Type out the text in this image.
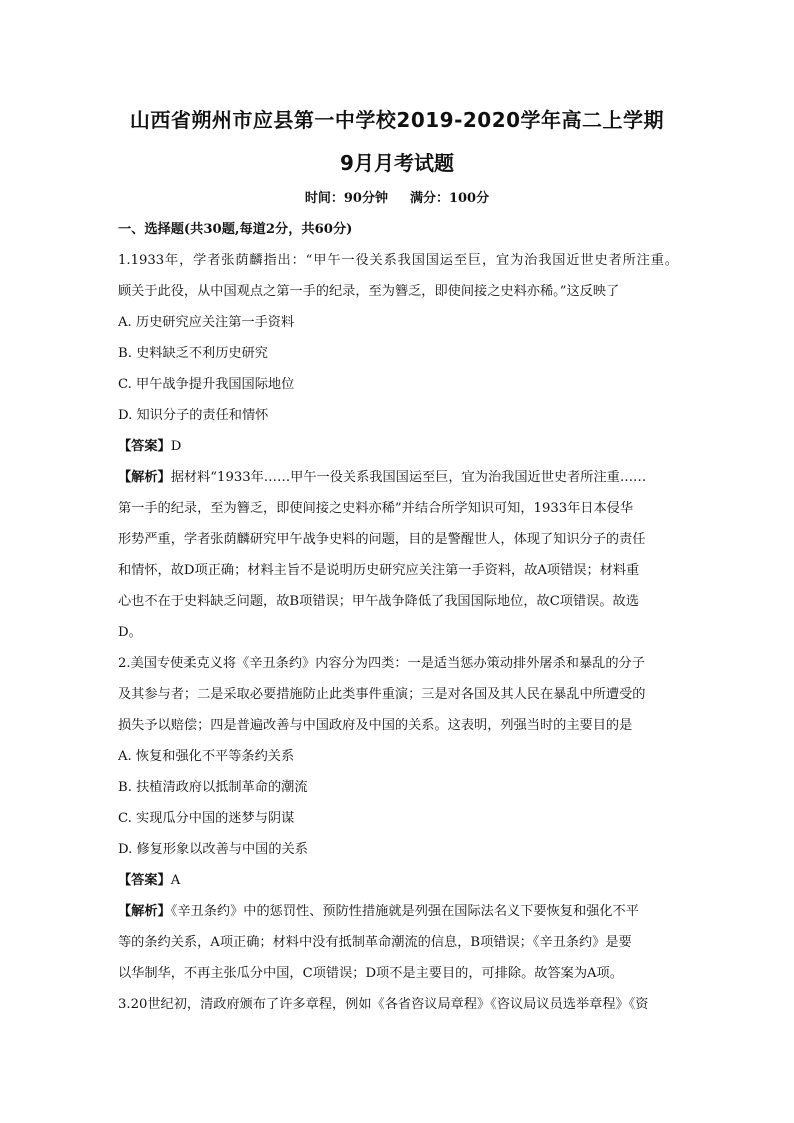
山西省朔州市应县第一中学校2019-2020学年高二上学期
9月月考试题
时间：90分钟 满分：100分
一、选择题(共30题,每道2分，共60分)
1.1933年，学者张荫麟指出：“甲午一役关系我国国运至巨，宜为治我国近世史者所注重。
顾关于此役，从中国观点之第一手的纪录，至为簪乏，即使间接之史料亦稀。”这反映了
A. 历史研究应关注第一手资料
B. 史料缺乏不利历史研究
C. 甲午战争提升我国国际地位
D. 知识分子的责任和情怀
【答案】D
【解析】据材料“1933年……甲午一役关系我国国运至巨，宜为治我国近世史者所注重……
第一手的纪录，至为簪乏，即使间接之史料亦稀”并结合所学知识可知，1933年日本侵华
形势严重，学者张荫麟研究甲午战争史料的问题，目的是警醒世人，体现了知识分子的责任
和情怀，故D项正确；材料主旨不是说明历史研究应关注第一手资料，故A项错误；材料重
心也不在于史料缺乏问题，故B项错误；甲午战争降低了我国国际地位，故C项错误。故选
D。
2.美国专使柔克义将《辛丑条约》内容分为四类：一是适当惩办策动排外屠杀和暴乱的分子
及其参与者；二是采取必要措施防止此类事件重演；三是对各国及其人民在暴乱中所遭受的
损失予以赔偿；四是普遍改善与中国政府及中国的关系。这表明，列强当时的主要目的是
A. 恢复和强化不平等条约关系
B. 扶植清政府以抵制革命的潮流
C. 实现瓜分中国的迷梦与阴谋
D. 修复形象以改善与中国的关系
【答案】A
【解析】《辛丑条约》中的惩罚性、预防性措施就是列强在国际法名义下要恢复和强化不平
等的条约关系，A项正确；材料中没有抵制革命潮流的信息，B项错误；《辛丑条约》是要
以华制华，不再主张瓜分中国，C项错误；D项不是主要目的，可排除。故答案为A项。
3.20世纪初，清政府颁布了许多章程，例如《各省咨议局章程》《咨议局议员选举章程》《资
